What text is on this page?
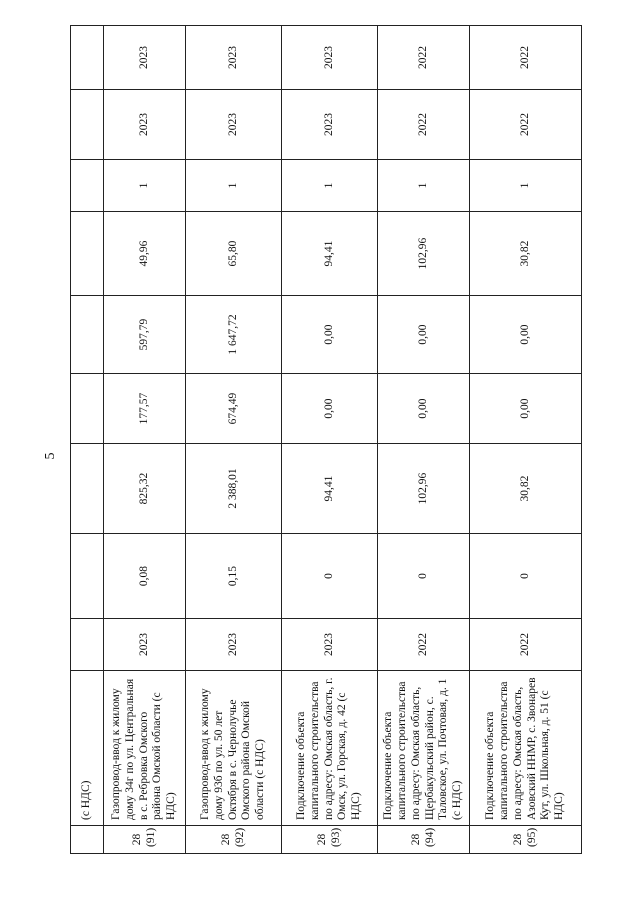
5
	(с НДС)									
28 (91)	Газопровод-ввод к жилому дому 34г по ул. Центральная в с. Ребровка Омского района Омской области (с НДС)	2023	0,08	825,32	177,57	597,79	49,96	1	2023	2023
28 (92)	Газопровод-ввод к жилому дому 93б по ул. 50 лет Октября в с. Чернолучье Омского района Омской области (с НДС)	2023	0,15	2 388,01	674,49	1 647,72	65,80	1	2023	2023
28 (93)	Подключение объекта капитального строительства по адресу: Омская область, г. Омск, ул. Горская, д. 42 (с НДС)	2023	0	94,41	0,00	0,00	94,41	1	2023	2023
28 (94)	Подключение объекта капитального строительства по адресу: Омская область, Щербакульский район, с. Таловское, ул. Почтовая, д. 1 (с НДС)	2022	0	102,96	0,00	0,00	102,96	1	2022	2022
28 (95)	Подключение объекта капитального строительства по адресу: Омская область, Азовский ННМР, с. Звонарев Кут, ул. Школьная, д. 51 (с НДС)	2022	0	30,82	0,00	0,00	30,82	1	2022	2022
